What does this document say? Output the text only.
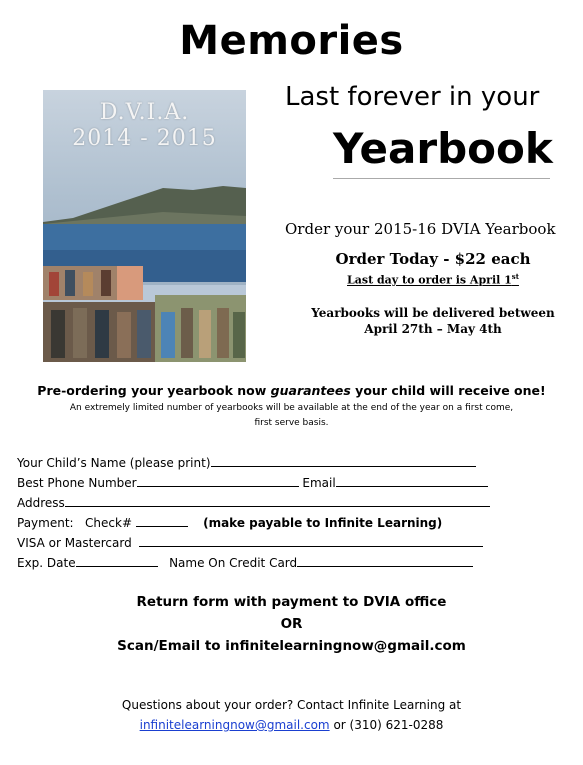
Memories
Last forever in your
Yearbook
D.V.I.A.
2014 - 2015
Order your 2015-16 DVIA Yearbook
Order Today - $22 each
Last day to order is April 1st
Yearbooks will be delivered between
April 27th – May 4th
Pre-ordering your yearbook now guarantees your child will receive one!
An extremely limited number of yearbooks will be available at the end of the year on a first come,
first serve basis.
Your Child’s Name (please print)
Best Phone Number	Email
Address
Payment: Check#	(make payable to Infinite Learning)
VISA or Mastercard
Exp. Date	Name On Credit Card
Return form with payment to DVIA office
OR
Scan/Email to infinitelearningnow@gmail.com
Questions about your order? Contact Infinite Learning at
infinitelearningnow@gmail.com or (310) 621-0288
